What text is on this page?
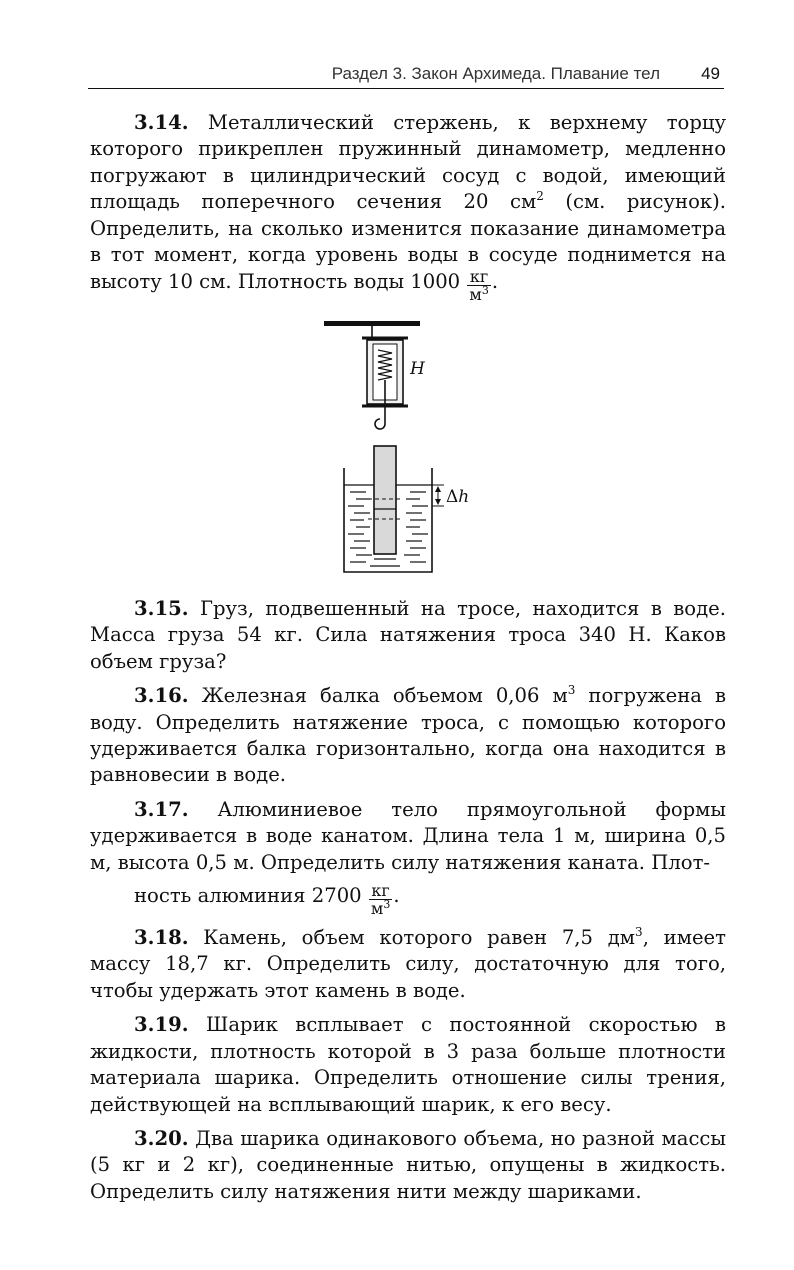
Раздел 3. Закон Архимеда. Плавание тел 49

3.14. Металлический стержень, к верхнему торцу которого прикреплен пружинный динамометр, медленно погружают в цилиндрический сосуд с водой, имеющий площадь поперечного сечения 20 $см^2$ (см. рисунок). Определить, на сколько изменится показание динамометра в тот момент, когда уровень воды в сосуде поднимется на высоту 10 см. Плотность воды $1000 \frac{кг}{м^3}$ .

H
Δh

3.15. Груз, подвешенный на тросе, находится в воде. Масса груза 54 кг. Сила натяжения троса 340 Н. Каков объем груза?

3.16. Железная балка объемом 0,06 $м^3$ погружена в воду. Определить натяжение троса, с помощью которого удерживается балка горизонтально, когда она находится в равновесии в воде.

3.17. Алюминиевое тело прямоугольной формы удерживается в воде канатом. Длина тела 1 м, ширина 0,5 м, высота 0,5 м. Определить силу натяжения каната. Плот-
ность алюминия $2700 \frac{кг}{м^3}$ .

3.18. Камень, объем которого равен 7,5 $дм^3$, имеет массу 18,7 кг. Определить силу, достаточную для того, чтобы удержать этот камень в воде.

3.19. Шарик всплывает с постоянной скоростью в жидкости, плотность которой в 3 раза больше плотности материала шарика. Определить отношение силы трения, действующей на всплывающий шарик, к его весу.

3.20. Два шарика одинакового объема, но разной массы (5 кг и 2 кг), соединенные нитью, опущены в жидкость. Определить силу натяжения нити между шариками.
